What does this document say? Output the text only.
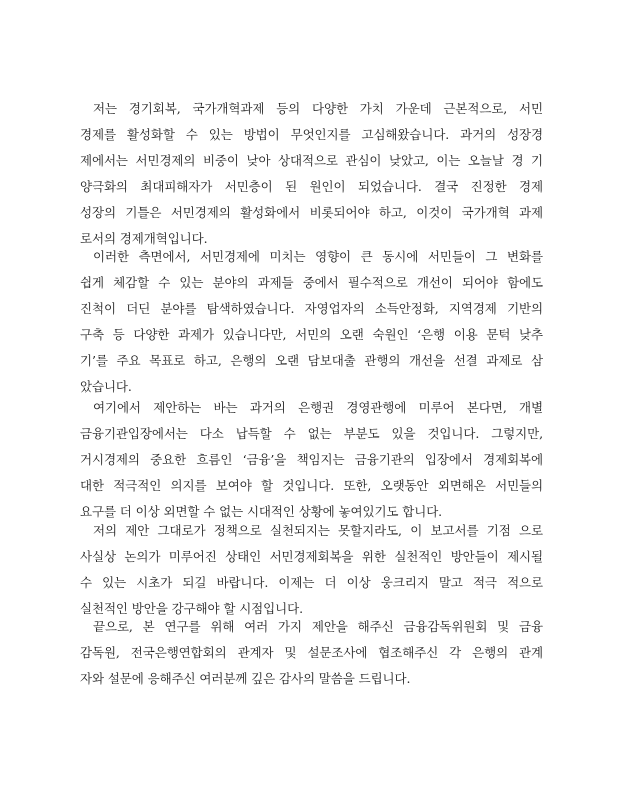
저는 경기회복, 국가개혁과제 등의 다양한 가치 가운데 근본적으로, 서민
경제를 활성화할 수 있는 방법이 무엇인지를 고심해왔습니다. 과거의 성장경
제에서는 서민경제의 비중이 낮아 상대적으로 관심이 낮았고, 이는 오늘날 경 기
양극화의 최대피해자가 서민층이 된 원인이 되었습니다. 결국 진정한 경제
성장의 기틀은 서민경제의 활성화에서 비롯되어야 하고, 이것이 국가개혁 과제
로서의 경제개혁입니다.
이러한 측면에서, 서민경제에 미치는 영향이 큰 동시에 서민들이 그 변화를
쉽게 체감할 수 있는 분야의 과제들 중에서 필수적으로 개선이 되어야 함에도
진척이 더딘 분야를 탐색하였습니다. 자영업자의 소득안정화, 지역경제 기반의
구축 등 다양한 과제가 있습니다만, 서민의 오랜 숙원인 ‘은행 이용 문턱 낮추
기’를 주요 목표로 하고, 은행의 오랜 담보대출 관행의 개선을 선결 과제로 삼
았습니다.
여기에서 제안하는 바는 과거의 은행권 경영관행에 미루어 본다면, 개별
금융기관입장에서는 다소 납득할 수 없는 부분도 있을 것입니다. 그렇지만,
거시경제의 중요한 흐름인 ‘금융’을 책임지는 금융기관의 입장에서 경제회복에
대한 적극적인 의지를 보여야 할 것입니다. 또한, 오랫동안 외면해온 서민들의
요구를 더 이상 외면할 수 없는 시대적인 상황에 놓여있기도 합니다.
저의 제안 그대로가 정책으로 실천되지는 못할지라도, 이 보고서를 기점 으로
사실상 논의가 미루어진 상태인 서민경제회복을 위한 실천적인 방안들이 제시될
수 있는 시초가 되길 바랍니다. 이제는 더 이상 웅크리지 말고 적극 적으로
실천적인 방안을 강구해야 할 시점입니다.
끝으로, 본 연구를 위해 여러 가지 제안을 해주신 금융감독위원회 및 금융
감독원, 전국은행연합회의 관계자 및 설문조사에 협조해주신 각 은행의 관계
자와 설문에 응해주신 여러분께 깊은 감사의 말씀을 드립니다.
